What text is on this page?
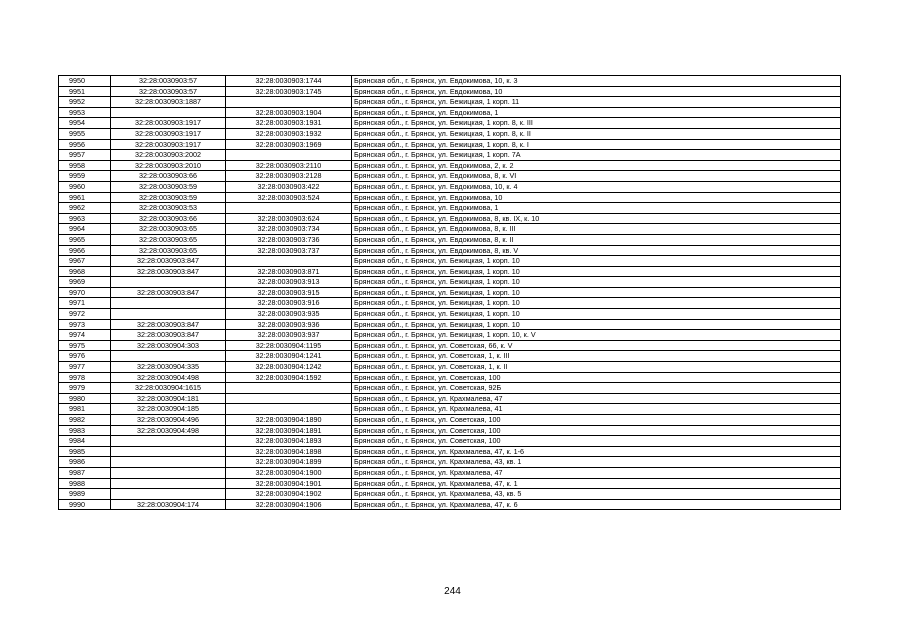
9950	32:28:0030903:57	32:28:0030903:1744	Брянская обл., г. Брянск, ул. Евдокимова, 10, к. 3
9951	32:28:0030903:57	32:28:0030903:1745	Брянская обл., г. Брянск, ул. Евдокимова, 10
9952	32:28:0030903:1887		Брянская обл., г. Брянск, ул. Бежицкая, 1 корп. 11
9953		32:28:0030903:1904	Брянская обл., г. Брянск, ул. Евдокимова, 1
9954	32:28:0030903:1917	32:28:0030903:1931	Брянская обл., г. Брянск, ул. Бежицкая, 1 корп. 8, к. III
9955	32:28:0030903:1917	32:28:0030903:1932	Брянская обл., г. Брянск, ул. Бежицкая, 1 корп. 8, к. II
9956	32:28:0030903:1917	32:28:0030903:1969	Брянская обл., г. Брянск, ул. Бежицкая, 1 корп. 8, к. I
9957	32:28:0030903:2002		Брянская обл., г. Брянск, ул. Бежицкая, 1 корп. 7А
9958	32:28:0030903:2010	32:28:0030903:2110	Брянская обл., г. Брянск, ул. Евдокимова, 2, к. 2
9959	32:28:0030903:66	32:28:0030903:2128	Брянская обл., г. Брянск, ул. Евдокимова, 8, к. VI
9960	32:28:0030903:59	32:28:0030903:422	Брянская обл., г. Брянск, ул. Евдокимова, 10, к. 4
9961	32:28:0030903:59	32:28:0030903:524	Брянская обл., г. Брянск, ул. Евдокимова, 10
9962	32:28:0030903:53		Брянская обл., г. Брянск, ул. Евдокимова, 1
9963	32:28:0030903:66	32:28:0030903:624	Брянская обл., г. Брянск, ул. Евдокимова, 8, кв. IX, к. 10
9964	32:28:0030903:65	32:28:0030903:734	Брянская обл., г. Брянск, ул. Евдокимова, 8, к. III
9965	32:28:0030903:65	32:28:0030903:736	Брянская обл., г. Брянск, ул. Евдокимова, 8, к. II
9966	32:28:0030903:65	32:28:0030903:737	Брянская обл., г. Брянск, ул. Евдокимова, 8, кв. V
9967	32:28:0030903:847		Брянская обл., г. Брянск, ул. Бежицкая, 1 корп. 10
9968	32:28:0030903:847	32:28:0030903:871	Брянская обл., г. Брянск, ул. Бежицкая, 1 корп. 10
9969		32:28:0030903:913	Брянская обл., г. Брянск, ул. Бежицкая, 1 корп. 10
9970	32:28:0030903:847	32:28:0030903:915	Брянская обл., г. Брянск, ул. Бежицкая, 1 корп. 10
9971		32:28:0030903:916	Брянская обл., г. Брянск, ул. Бежицкая, 1 корп. 10
9972		32:28:0030903:935	Брянская обл., г. Брянск, ул. Бежицкая, 1 корп. 10
9973	32:28:0030903:847	32:28:0030903:936	Брянская обл., г. Брянск, ул. Бежицкая, 1 корп. 10
9974	32:28:0030903:847	32:28:0030903:937	Брянская обл., г. Брянск, ул. Бежицкая, 1 корп. 10, к. V
9975	32:28:0030904:303	32:28:0030904:1195	Брянская обл., г. Брянск, ул. Советская, 66, к. V
9976		32:28:0030904:1241	Брянская обл., г. Брянск, ул. Советская, 1, к. III
9977	32:28:0030904:335	32:28:0030904:1242	Брянская обл., г. Брянск, ул. Советская, 1, к. II
9978	32:28:0030904:498	32:28:0030904:1592	Брянская обл., г. Брянск, ул. Советская, 100
9979	32:28:0030904:1615		Брянская обл., г. Брянск, ул. Советская, 92Б
9980	32:28:0030904:181		Брянская обл., г. Брянск, ул. Крахмалева, 47
9981	32:28:0030904:185		Брянская обл., г. Брянск, ул. Крахмалева, 41
9982	32:28:0030904:496	32:28:0030904:1890	Брянская обл., г. Брянск, ул. Советская, 100
9983	32:28:0030904:498	32:28:0030904:1891	Брянская обл., г. Брянск, ул. Советская, 100
9984		32:28:0030904:1893	Брянская обл., г. Брянск, ул. Советская, 100
9985		32:28:0030904:1898	Брянская обл., г. Брянск, ул. Крахмалева, 47, к. 1-6
9986		32:28:0030904:1899	Брянская обл., г. Брянск, ул. Крахмалева, 43, кв. 1
9987		32:28:0030904:1900	Брянская обл., г. Брянск, ул. Крахмалева, 47
9988		32:28:0030904:1901	Брянская обл., г. Брянск, ул. Крахмалева, 47, к. 1
9989		32:28:0030904:1902	Брянская обл., г. Брянск, ул. Крахмалева, 43, кв. 5
9990	32:28:0030904:174	32:28:0030904:1906	Брянская обл., г. Брянск, ул. Крахмалева, 47, к. 6
244
